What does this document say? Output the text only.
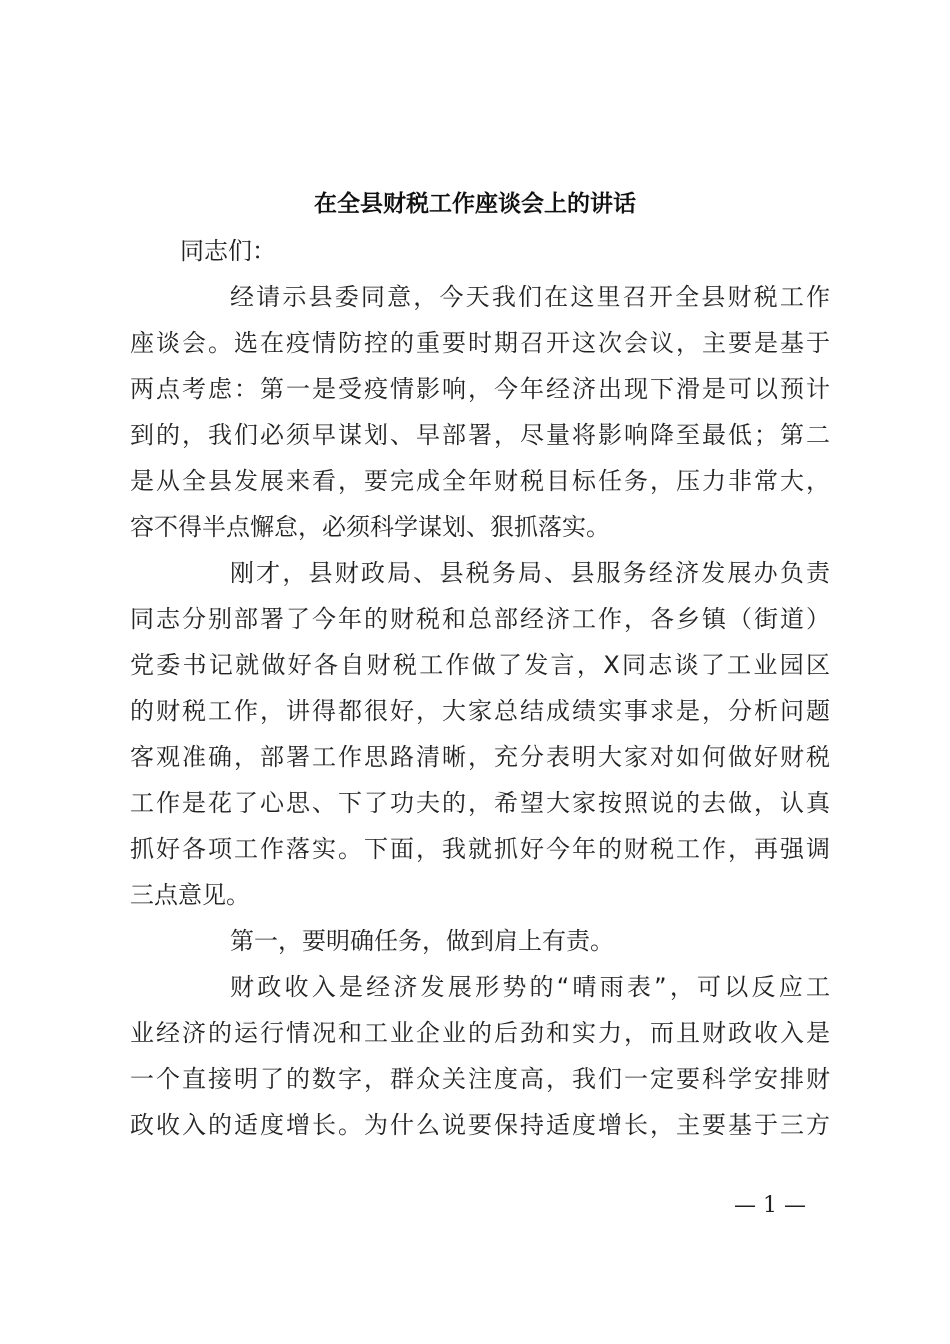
在全县财税工作座谈会上的讲话

同志们：

经请示县委同意，今天我们在这里召开全县财税工作

座谈会。选在疫情防控的重要时期召开这次会议，主要是基于

两点考虑：第一是受疫情影响，今年经济出现下滑是可以预计

到的，我们必须早谋划、早部署，尽量将影响降至最低；第二

是从全县发展来看，要完成全年财税目标任务，压力非常大，

容不得半点懈怠，必须科学谋划、狠抓落实。

刚才，县财政局、县税务局、县服务经济发展办负责

同志分别部署了今年的财税和总部经济工作，各乡镇（街道）

党委书记就做好各自财税工作做了发言，X同志谈了工业园区

的财税工作，讲得都很好，大家总结成绩实事求是，分析问题

客观准确，部署工作思路清晰，充分表明大家对如何做好财税

工作是花了心思、下了功夫的，希望大家按照说的去做，认真

抓好各项工作落实。下面，我就抓好今年的财税工作，再强调

三点意见。

第一，要明确任务，做到肩上有责。

财政收入是经济发展形势的“晴雨表”，可以反应工

业经济的运行情况和工业企业的后劲和实力，而且财政收入是

一个直接明了的数字，群众关注度高，我们一定要科学安排财

政收入的适度增长。为什么说要保持适度增长，主要基于三方

— 1 —
